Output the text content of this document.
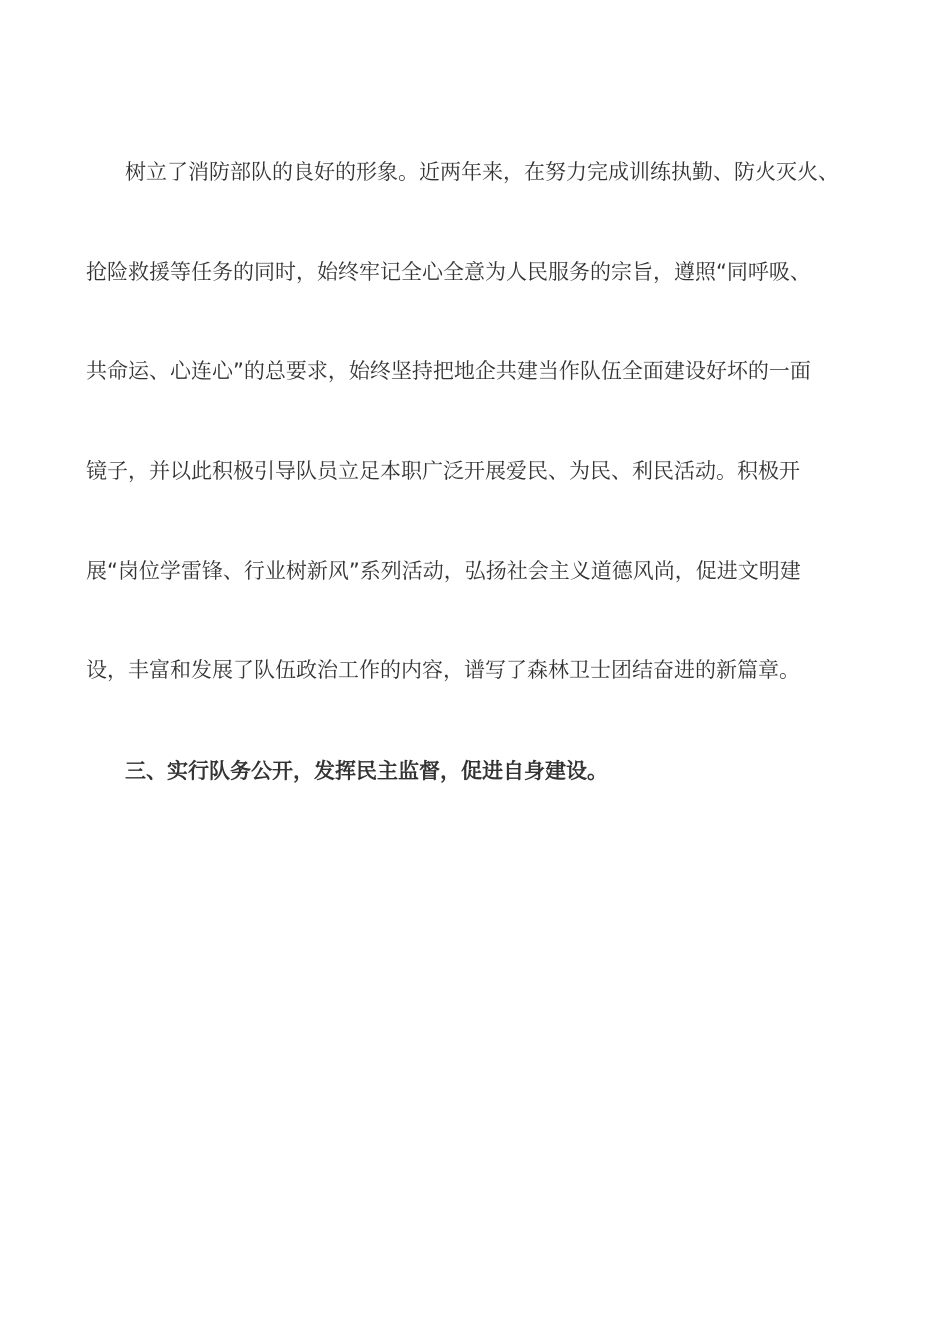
树立了消防部队的良好的形象。近两年来，在努力完成训练执勤、防火灭火、
抢险救援等任务的同时，始终牢记全心全意为人民服务的宗旨，遵照“同呼吸、
共命运、心连心”的总要求，始终坚持把地企共建当作队伍全面建设好坏的一面
镜子，并以此积极引导队员立足本职广泛开展爱民、为民、利民活动。积极开
展“岗位学雷锋、行业树新风”系列活动，弘扬社会主义道德风尚，促进文明建
设，丰富和发展了队伍政治工作的内容，谱写了森林卫士团结奋进的新篇章。
三、实行队务公开，发挥民主监督，促进自身建设。
